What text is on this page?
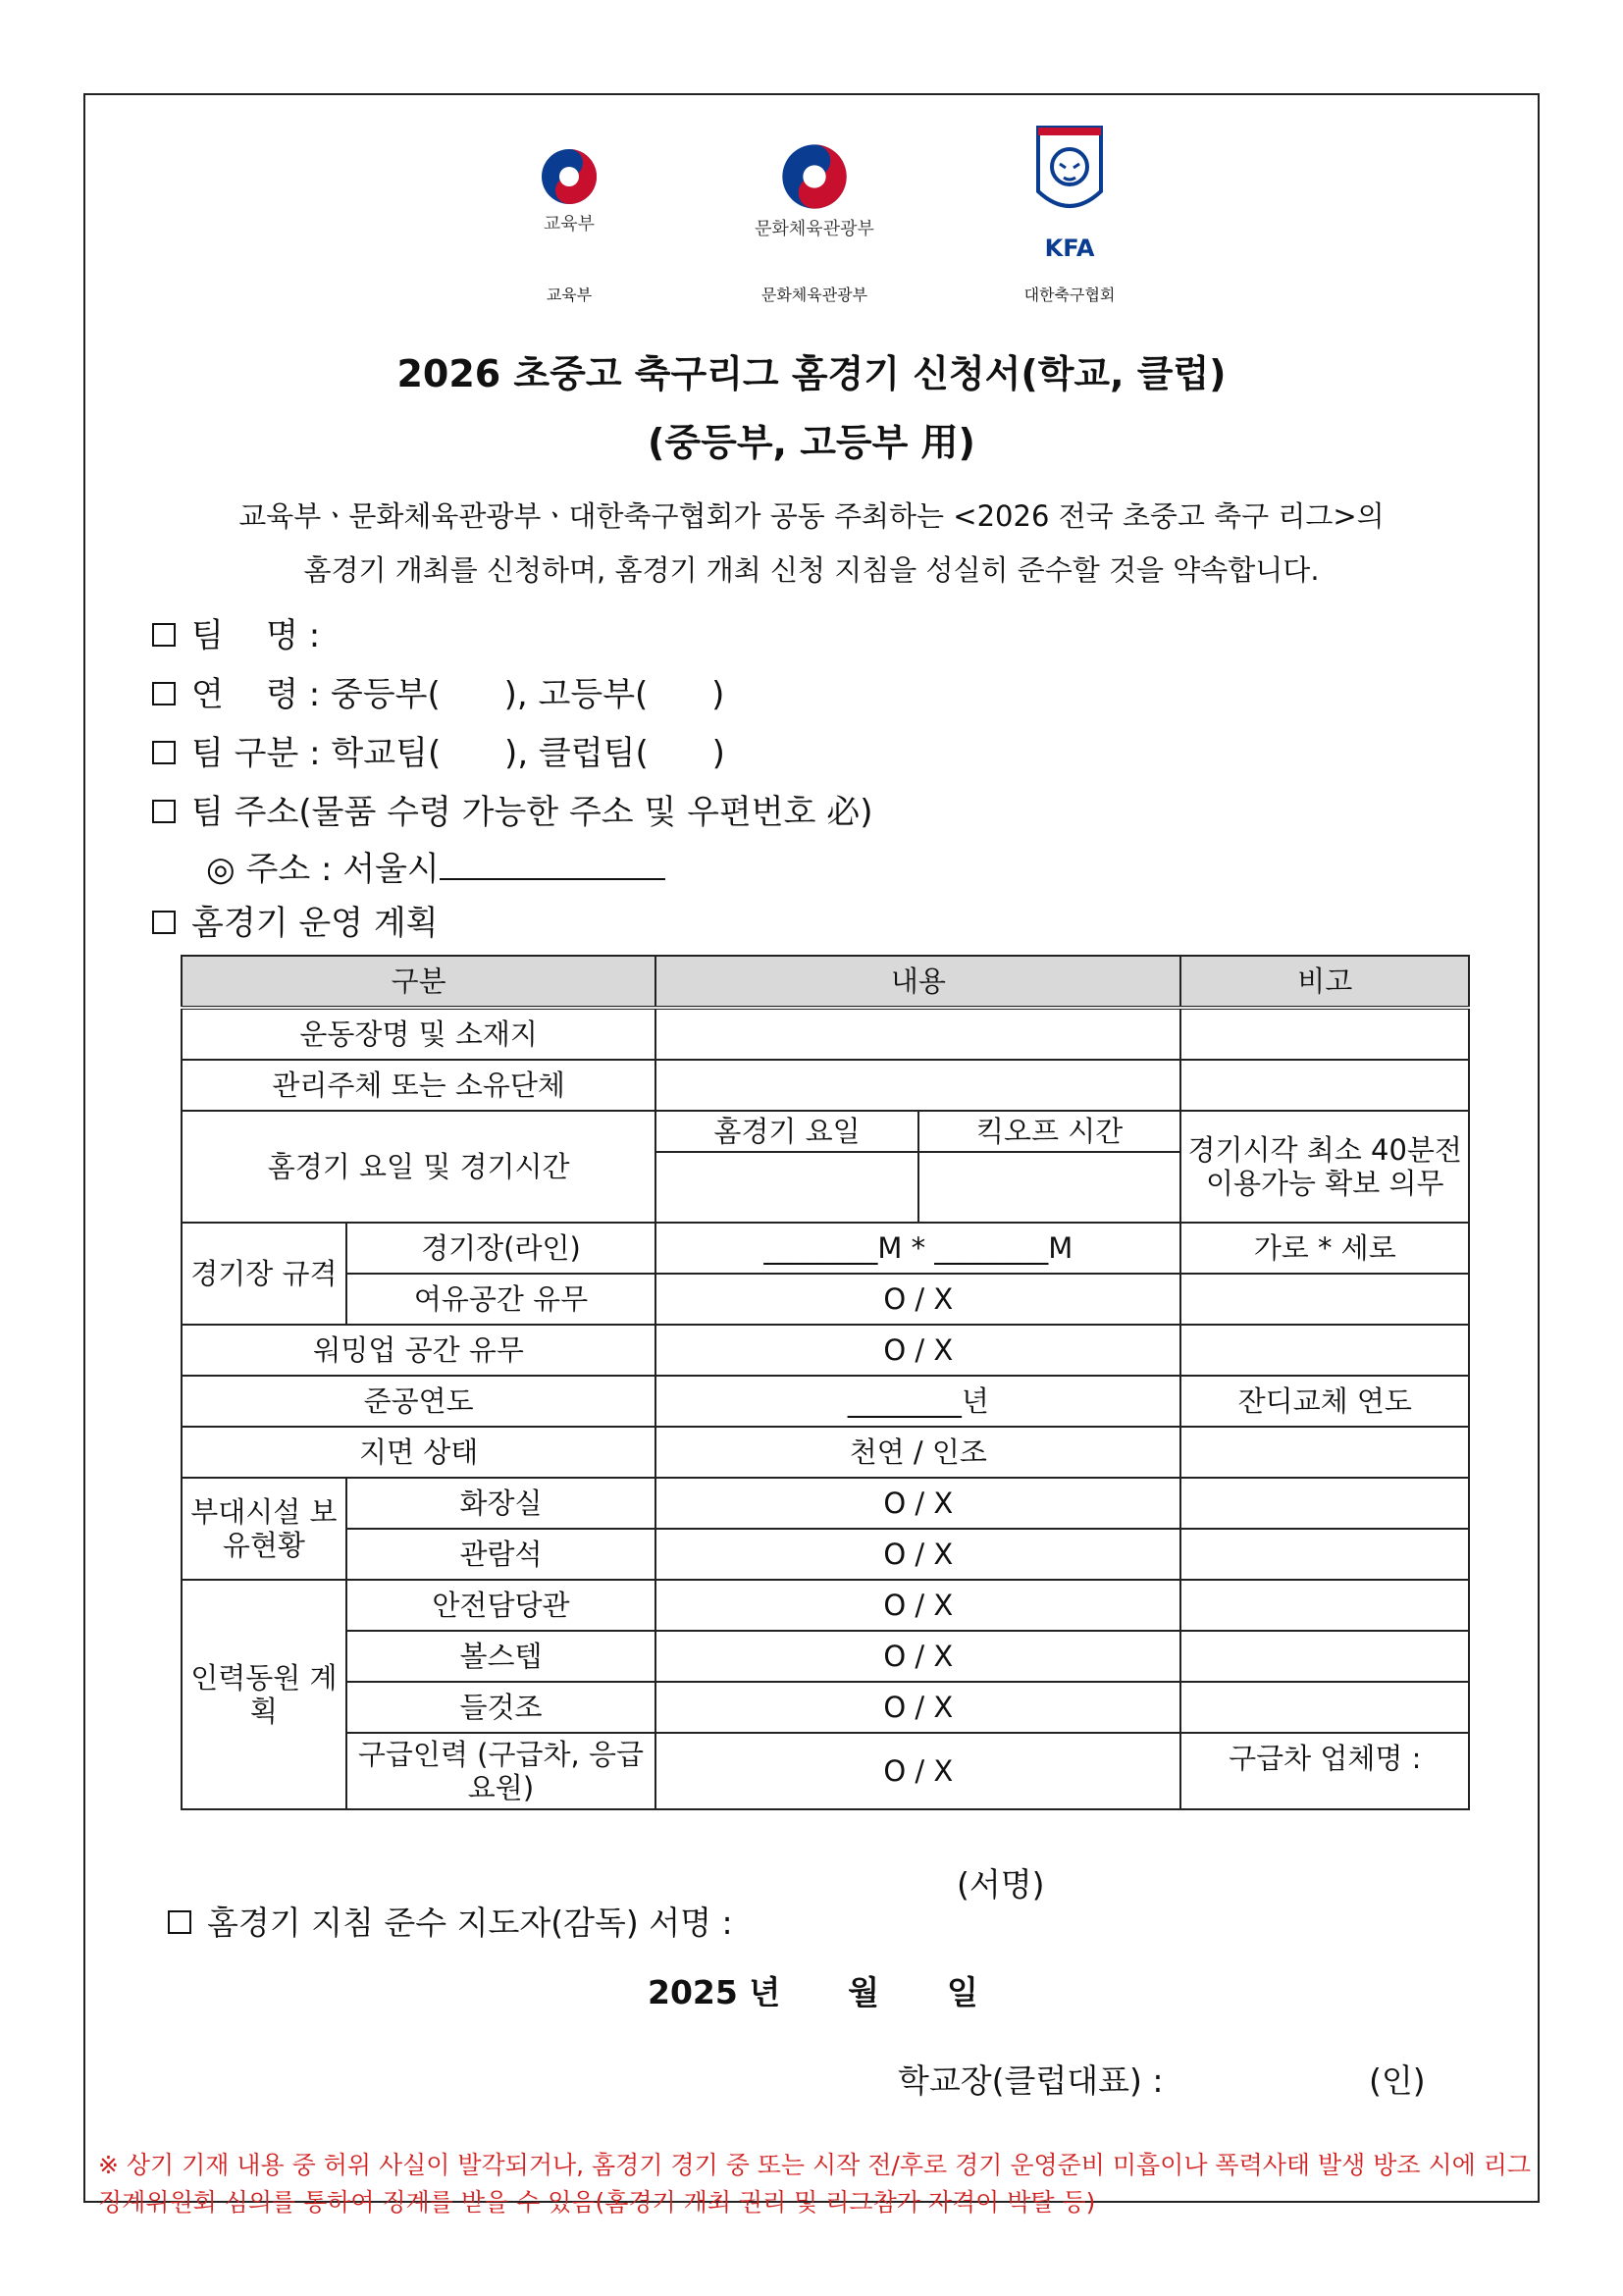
교육부	문화체육관광부
KFA
교육부	문화체육관광부	대한축구협회
2026 초중고 축구리그 홈경기 신청서(학교, 클럽)
(중등부, 고등부 用)
교육부ㆍ문화체육관광부ㆍ대한축구협회가 공동 주최하는 <2026 전국 초중고 축구 리그>의
홈경기 개최를 신청하며, 홈경기 개최 신청 지침을 성실히 준수할 것을 약속합니다.
팀    명 :
연    령 : 중등부(      ), 고등부(      )
팀 구분 : 학교팀(      ), 클럽팀(      )
팀 주소(물품 수령 가능한 주소 및 우편번호 必)
◎ 주소 : 서울시
홈경기 운영 계획
구분		내용		비고
운동장명 및 소재지				
관리주체 또는 소유단체				
홈경기 요일 및 경기시간		홈경기 요일	킥오프 시간	경기시각 최소 40분전 이용가능 확보 의무

경기장 규격	경기장(라인)	________M * ________M		가로 * 세로
	여유공간 유무	O / X		
워밍업 공간 유무		O / X		
준공연도		________년		잔디교체 연도
지면 상태		천연 / 인조		
부대시설 보유현황	화장실	O / X		
	관람석	O / X		
인력동원 계획	안전담당관	O / X		
	볼스텝	O / X		
	들것조	O / X		
	구급인력 (구급차, 응급요원)	O / X		구급차 업체명 :

홈경기 지침 준수 지도자(감독) 서명 :

(서명)
2025 년      월      일
학교장(클럽대표) :	(인)
※ 상기 기재 내용 중 허위 사실이 발각되거나, 홈경기 경기 중 또는 시작 전/후로 경기 운영준비 미흡이나 폭력사태 발생 방조 시에 리그징계위원회 심의를 통하여 징계를 받을 수 있음(홈경기 개최 권리 및 리그참가 자격이 박탈 등)
